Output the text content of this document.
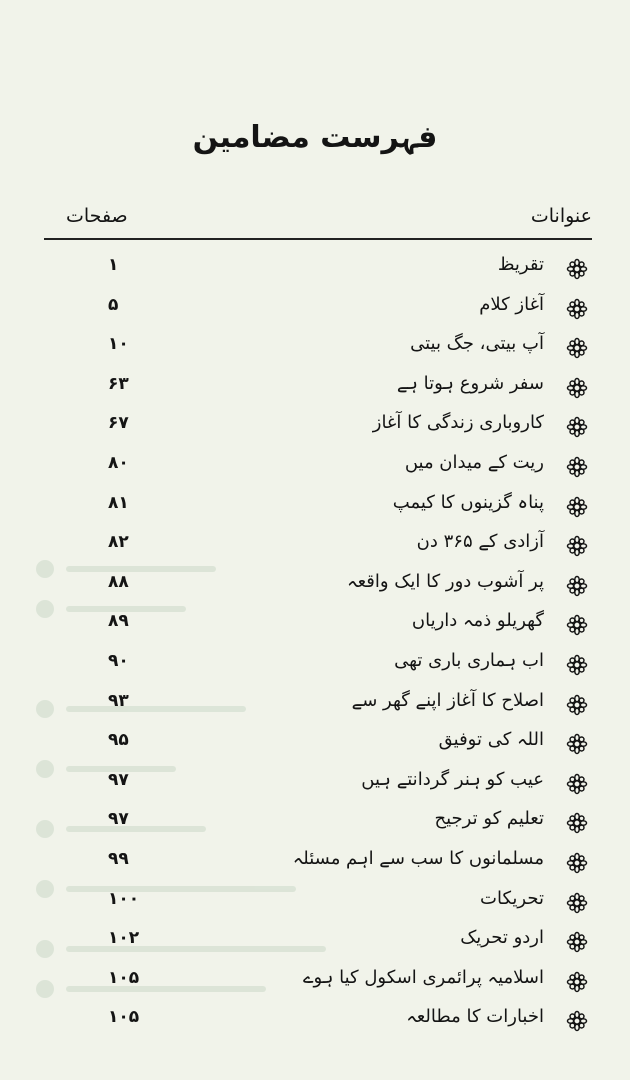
فہرست مضامین
عنوانات
صفحات
تقریظ
۱
آغاز کلام
۵
آپ بیتی، جگ بیتی
۱۰
سفر شروع ہوتا ہے
۶۳
کاروباری زندگی کا آغاز
۶۷
ریت کے میدان میں
۸۰
پناہ گزینوں کا کیمپ
۸۱
آزادی کے ۳۶۵ دن
۸۲
پر آشوب دور کا ایک واقعہ
۸۸
گھریلو ذمہ داریاں
۸۹
اب ہماری باری تھی
۹۰
اصلاح کا آغاز اپنے گھر سے
۹۳
اللہ کی توفیق
۹۵
عیب کو ہنر گردانتے ہیں
۹۷
تعلیم کو ترجیح
۹۷
مسلمانوں کا سب سے اہم مسئلہ
۹۹
تحریکات
۱۰۰
اردو تحریک
۱۰۲
اسلامیہ پرائمری اسکول کیا ہوے
۱۰۵
اخبارات کا مطالعہ
۱۰۵
